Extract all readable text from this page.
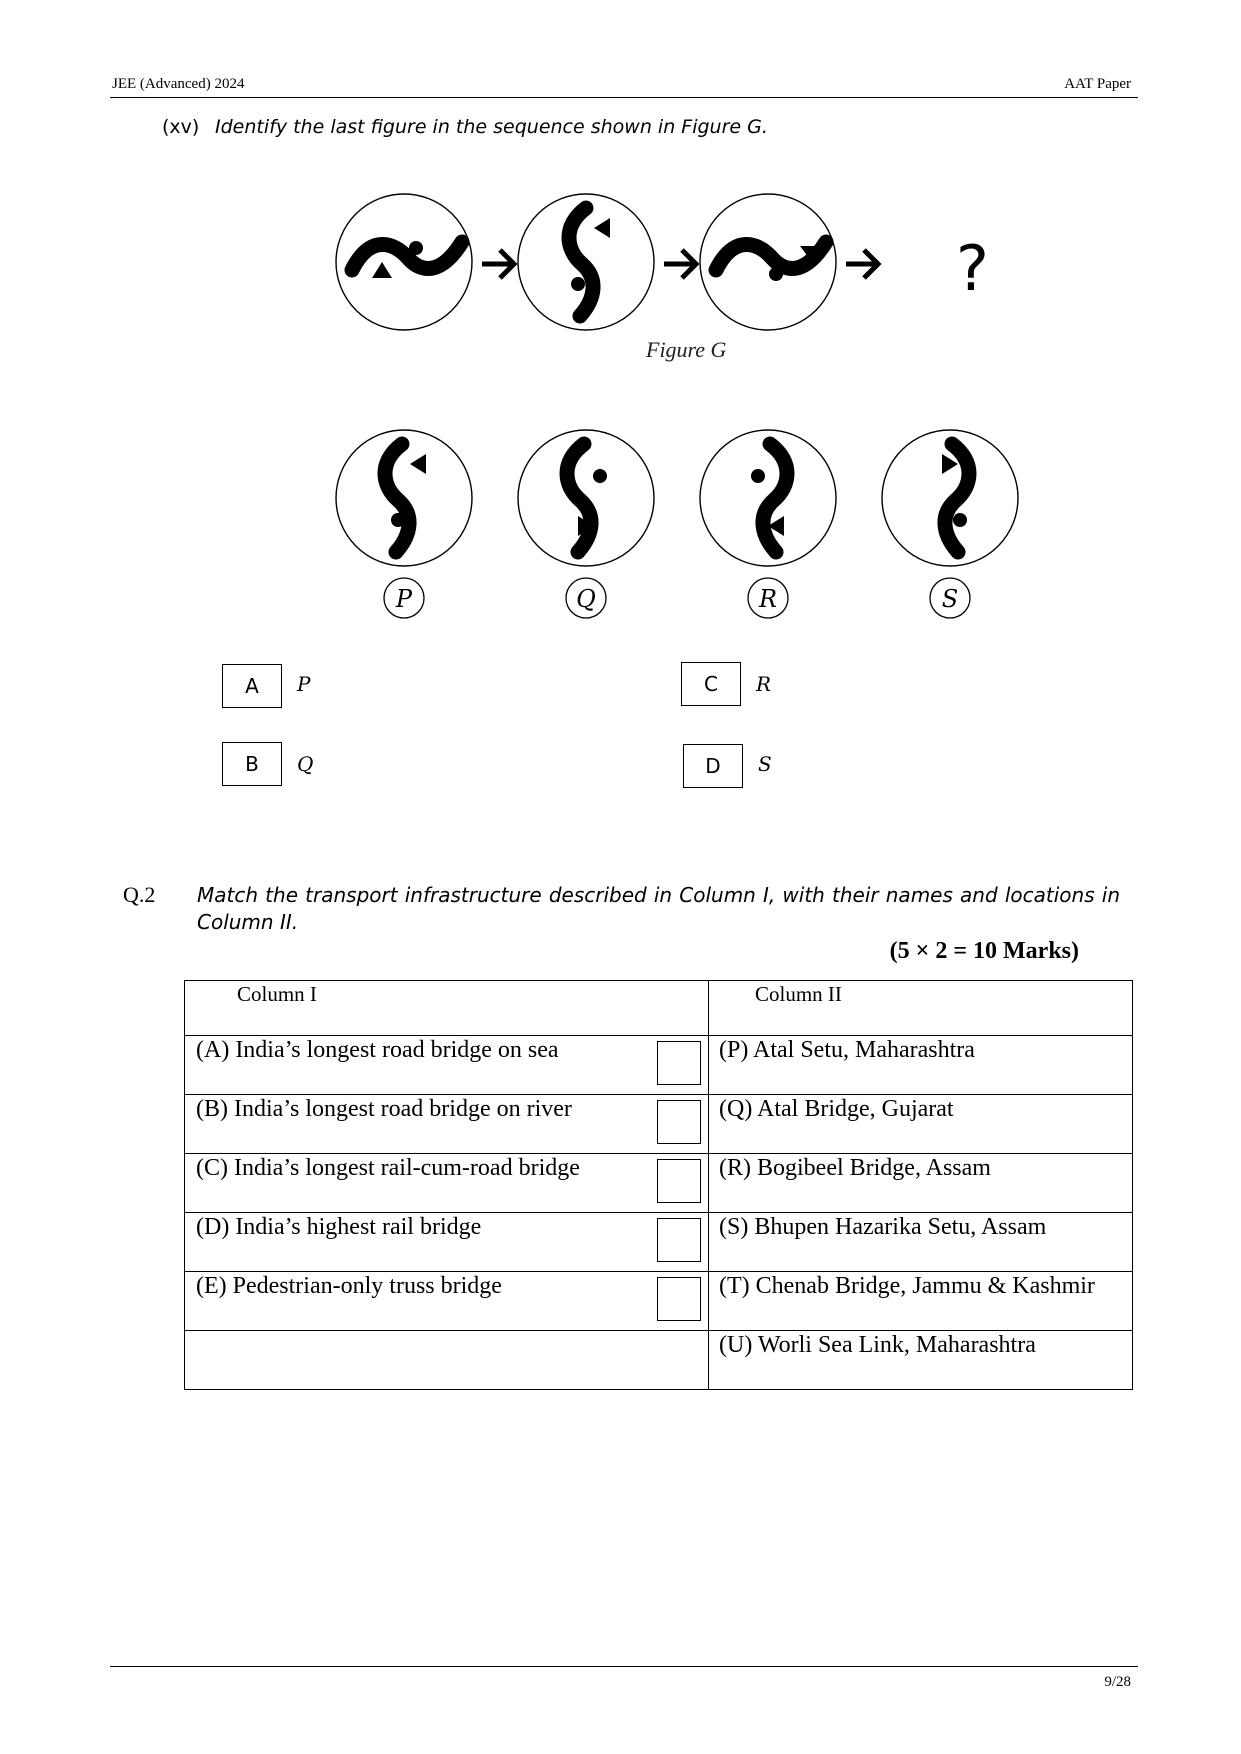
JEE (Advanced) 2024	AAT Paper
(xv) Identify the last figure in the sequence shown in Figure G.
?
Figure G
P	Q	R	S
A	P
B	Q
C	R
D	S
Q.2 Match the transport infrastructure described in Column I, with their names and locations in Column II.
(5 × 2 = 10 Marks)
Column I	Column II

(A) India’s longest road bridge on sea	(P) Atal Setu, Maharashtra

(B) India’s longest road bridge on river	(Q) Atal Bridge, Gujarat

(C) India’s longest rail-cum-road bridge	(R) Bogibeel Bridge, Assam

(D) India’s highest rail bridge	(S) Bhupen Hazarika Setu, Assam

(E) Pedestrian-only truss bridge	(T) Chenab Bridge, Jammu & Kashmir

	(U) Worli Sea Link, Maharashtra
9/28
